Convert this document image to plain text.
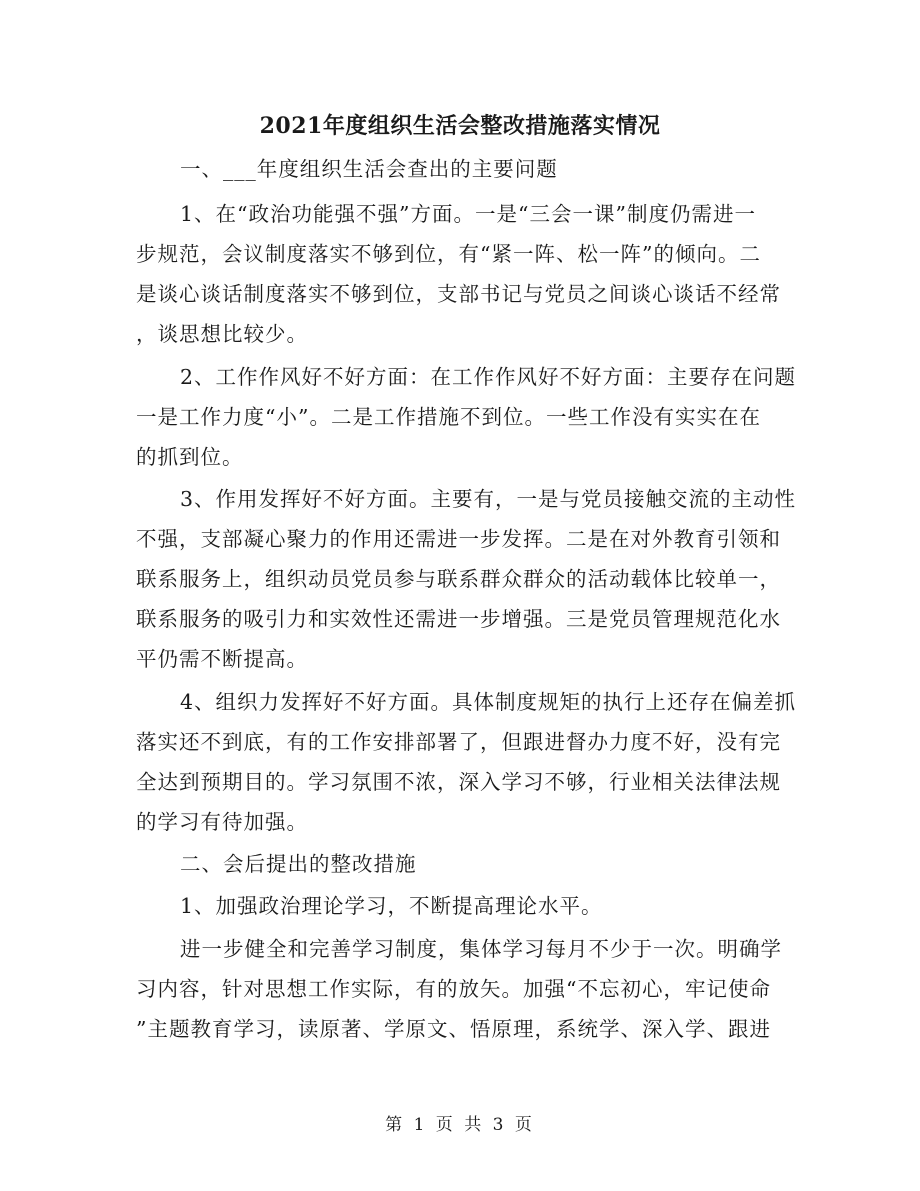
2021年度组织生活会整改措施落实情况
一、___年度组织生活会查出的主要问题
1、在“政治功能强不强”方面。一是“三会一课”制度仍需进一
步规范，会议制度落实不够到位，有“紧一阵、松一阵”的倾向。二
是谈心谈话制度落实不够到位，支部书记与党员之间谈心谈话不经常
，谈思想比较少。
2、工作作风好不好方面：在工作作风好不好方面：主要存在问题
一是工作力度“小”。二是工作措施不到位。一些工作没有实实在在
的抓到位。
3、作用发挥好不好方面。主要有，一是与党员接触交流的主动性
不强，支部凝心聚力的作用还需进一步发挥。二是在对外教育引领和
联系服务上，组织动员党员参与联系群众群众的活动载体比较单一，
联系服务的吸引力和实效性还需进一步增强。三是党员管理规范化水
平仍需不断提高。
4、组织力发挥好不好方面。具体制度规矩的执行上还存在偏差抓
落实还不到底，有的工作安排部署了，但跟进督办力度不好，没有完
全达到预期目的。学习氛围不浓，深入学习不够，行业相关法律法规
的学习有待加强。
二、会后提出的整改措施
1、加强政治理论学习，不断提高理论水平。
进一步健全和完善学习制度，集体学习每月不少于一次。明确学
习内容，针对思想工作实际，有的放矢。加强“不忘初心，牢记使命
”主题教育学习，读原著、学原文、悟原理，系统学、深入学、跟进
第 1 页 共 3 页
